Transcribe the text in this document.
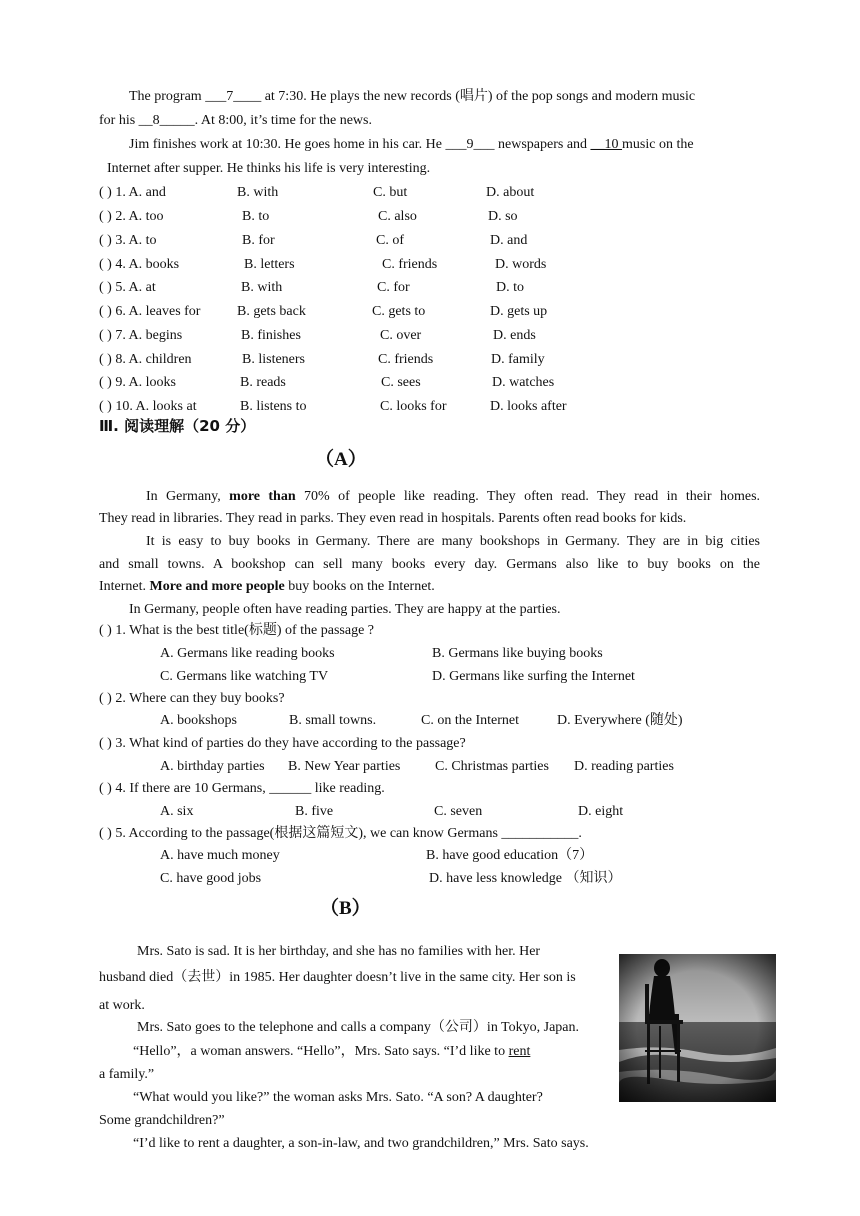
The program ___7____ at 7:30. He plays the new records (唱片) of the pop songs and modern music
for his __8_____. At 8:00, it’s time for the news.
Jim finishes work at 10:30. He goes home in his car. He ___9___ newspapers and __10 music on the
Internet after supper. He thinks his life is very interesting.
( ) 1. A. and	B. with	C. but	D. about
( ) 2. A. too	B. to	C. also	D. so
( ) 3. A. to	B. for	C. of	D. and
( ) 4. A. books	B. letters	C. friends	D. words
( ) 5. A. at	B. with	C. for	D. to
( ) 6. A. leaves for	B. gets back	C. gets to	D. gets up
( ) 7. A. begins	B. finishes	C. over	D. ends
( ) 8. A. children	B. listeners	C. friends	D. family
( ) 9. A. looks	B. reads	C. sees	D. watches
( ) 10. A. looks at	B. listens to	C. looks for	D. looks after
Ⅲ. 阅读理解（20 分）
（A）
In Germany, more than 70% of people like reading. They often read. They read in their homes.
They read in libraries. They read in parks. They even read in hospitals. Parents often read books for kids.
It is easy to buy books in Germany. There are many bookshops in Germany. They are in big cities
and small towns. A bookshop can sell many books every day. Germans also like to buy books on the
Internet. More and more people buy books on the Internet.
In Germany, people often have reading parties. They are happy at the parties.
( ) 1. What is the best title(标题) of the passage ?
A. Germans like reading books	B. Germans like buying books
C. Germans like watching TV	D. Germans like surfing the Internet
( ) 2. Where can they buy books?
A. bookshops	B. small towns.	C. on the Internet	D. Everywhere (随处)
( ) 3. What kind of parties do they have according to the passage?
A. birthday parties B. New Year parties C. Christmas parties D. reading parties
( ) 4. If there are 10 Germans, ______ like reading.
A. six	B. five	C. seven	D. eight
( ) 5. According to the passage(根据这篇短文), we can know Germans ___________.
A. have much money	B. have good education（7）
C. have good jobs	D. have less knowledge （知识）
（B）
Mrs. Sato is sad. It is her birthday, and she has no families with her. Her
husband died（去世）in 1985. Her daughter doesn’t live in the same city. Her son is
at work.
Mrs. Sato goes to the telephone and calls a company（公司）in Tokyo, Japan.
“Hello”，a woman answers. “Hello”，Mrs. Sato says. “I’d like to rent
a family.”
“What would you like?” the woman asks Mrs. Sato. “A son? A daughter?
Some grandchildren?”
“I’d like to rent a daughter, a son-in-law, and two grandchildren,” Mrs. Sato says.
